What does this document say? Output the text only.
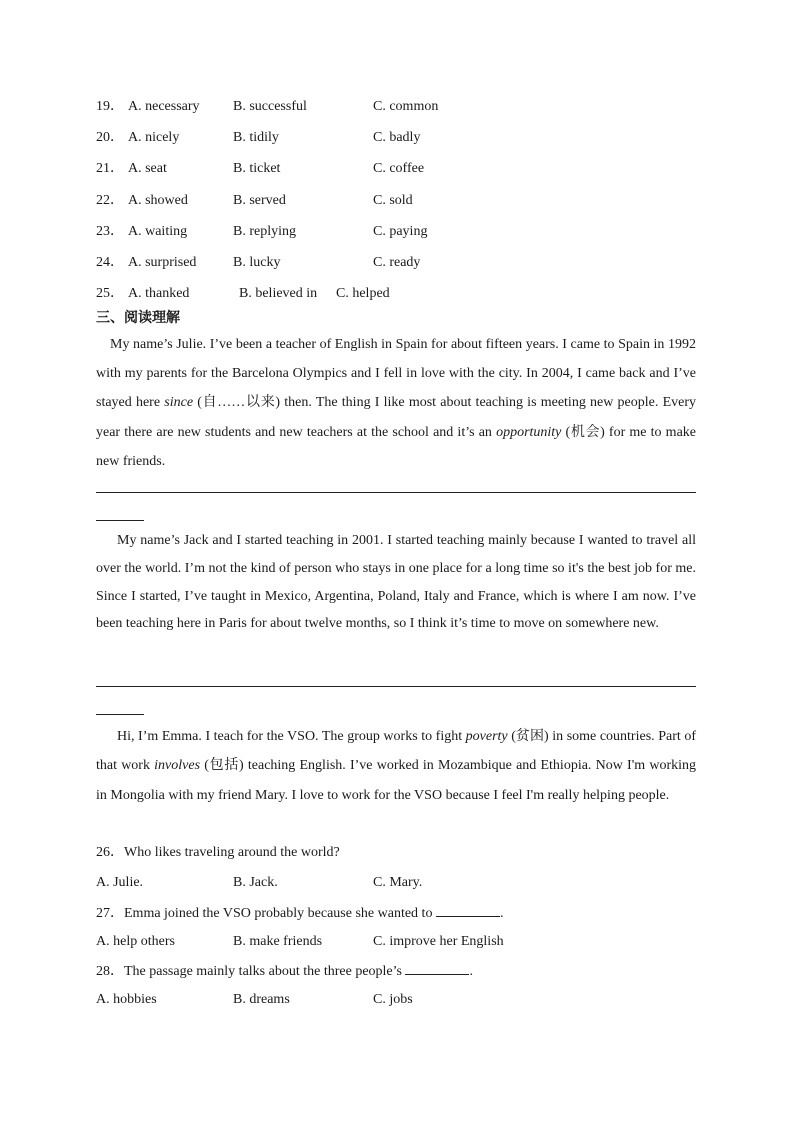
19． A. necessary B. successful	C. common
20． A. nicely	B. tidily	C. badly
21． A. seat	B. ticket	C. coffee
22． A. showed	B. served	C. sold
23． A. waiting	B. replying	C. paying
24． A. surprised	B. lucky	C. ready
25． A. thanked	B. believed in C. helped
三、阅读理解

My name’s Julie. I’ve been a teacher of English in Spain for about fifteen years. I came to Spain in 1992 with my parents for the Barcelona Olympics and I fell in love with the city. In 2004, I came back and I’ve stayed here since (自……以来) then. The thing I like most about teaching is meeting new people. Every year there are new students and new teachers at the school and it’s an opportunity (机会) for me to make new friends.

My name’s Jack and I started teaching in 2001. I started teaching mainly because I wanted to travel all over the world. I’m not the kind of person who stays in one place for a long time so it's the best job for me. Since I started, I’ve taught in Mexico, Argentina, Poland, Italy and France, which is where I am now. I’ve been teaching here in Paris for about twelve months, so I think it’s time to move on somewhere new.

Hi, I’m Emma. I teach for the VSO. The group works to fight poverty (贫困) in some countries. Part of that work involves (包括) teaching English. I’ve worked in Mozambique and Ethiopia. Now I'm working in Mongolia with my friend Mary. I love to work for the VSO because I feel I'm really helping people.

26．Who likes traveling around the world?
A. Julie.	B. Jack.	C. Mary.
27．Emma joined the VSO probably because she wanted to	.
A. help others	B. make friends	C. improve her English
28．The passage mainly talks about the three people’s	.
A. hobbies	B. dreams	C. jobs
